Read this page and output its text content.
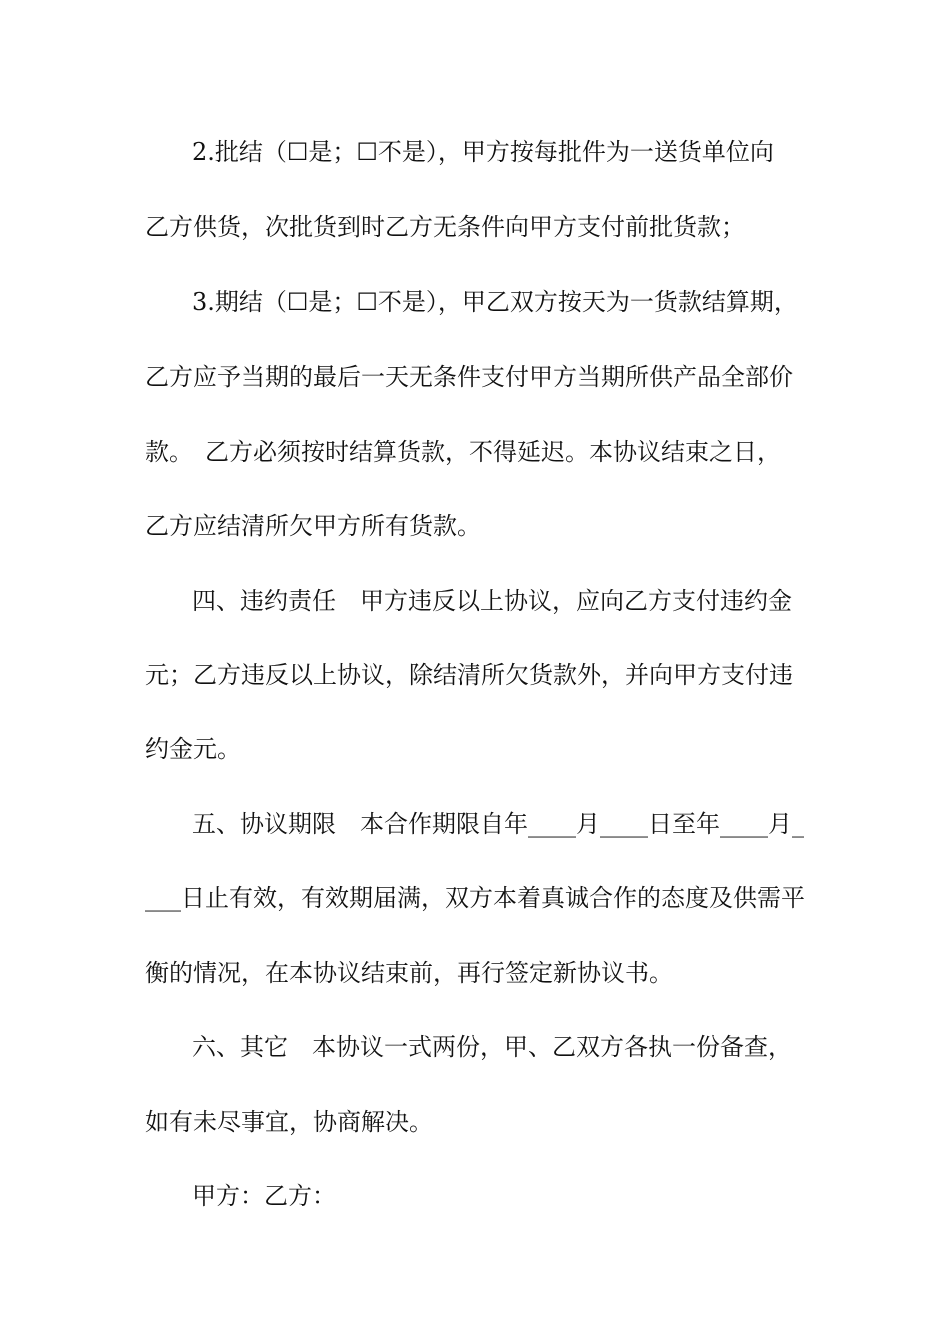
2.批结（☐是；☐不是），甲方按每批件为一送货单位向
乙方供货，次批货到时乙方无条件向甲方支付前批货款；
3.期结（☐是；☐不是），甲乙双方按天为一货款结算期，
乙方应予当期的最后一天无条件支付甲方当期所供产品全部价
款。　乙方必须按时结算货款，不得延迟。本协议结束之日，
乙方应结清所欠甲方所有货款。
四、违约责任　甲方违反以上协议，应向乙方支付违约金
元；乙方违反以上协议，除结清所欠货款外，并向甲方支付违
约金元。
五、协议期限　本合作期限自年____月____日至年____月_
___日止有效，有效期届满，双方本着真诚合作的态度及供需平
衡的情况，在本协议结束前，再行签定新协议书。
六、其它　本协议一式两份，甲、乙双方各执一份备查，
如有未尽事宜，协商解决。
甲方：乙方：
